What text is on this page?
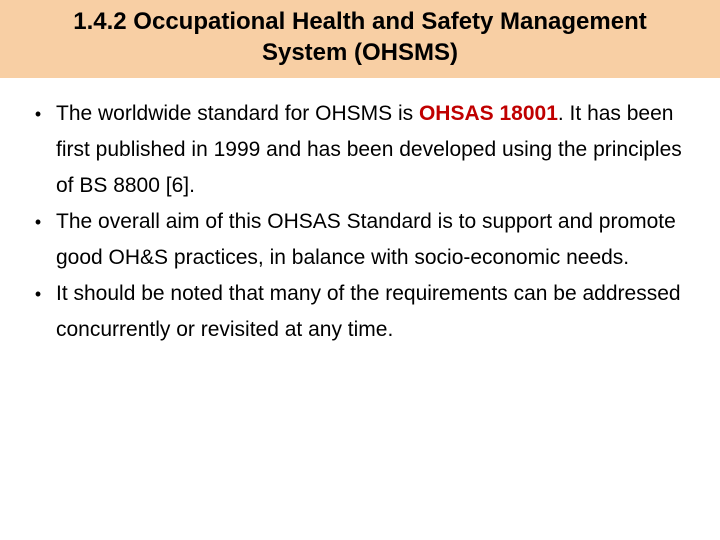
1.4.2 Occupational Health and Safety Management
System (OHSMS)
• The worldwide standard for OHSMS is OHSAS 18001. It has been first published in 1999 and has been developed using the principles of BS 8800 [6].
• The overall aim of this OHSAS Standard is to support and promote good OH&S practices, in balance with socio-economic needs.
• It should be noted that many of the requirements can be addressed concurrently or revisited at any time.
